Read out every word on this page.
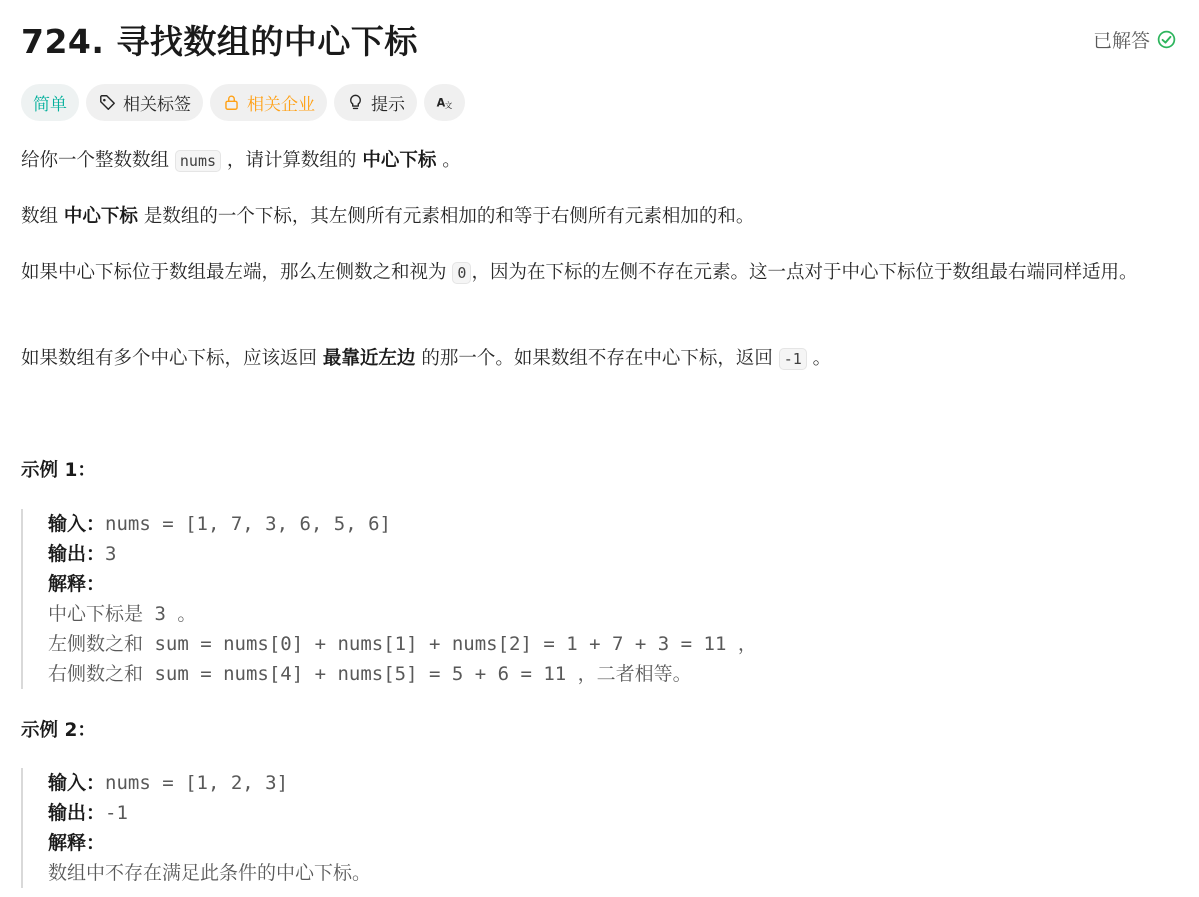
724. 寻找数组的中心下标	已解答
简单	相关标签	相关企业	提示 A 文
给你一个整数数组 nums ，请计算数组的 中心下标 。
数组 中心下标 是数组的一个下标，其左侧所有元素相加的和等于右侧所有元素相加的和。
如果中心下标位于数组最左端，那么左侧数之和视为 0 ，因为在下标的左侧不存在元素。这一点对于中心下标位于数组最右端同样适用。
如果数组有多个中心下标，应该返回 最靠近左边 的那一个。如果数组不存在中心下标，返回 -1 。
示例 1：
输入：nums = [1, 7, 3, 6, 5, 6]
输出：3
解释：
中心下标是 3 。
左侧数之和 sum = nums[0] + nums[1] + nums[2] = 1 + 7 + 3 = 11 ，
右侧数之和 sum = nums[4] + nums[5] = 5 + 6 = 11 ，二者相等。
示例 2：
输入：nums = [1, 2, 3]
输出：-1
解释：
数组中不存在满足此条件的中心下标。
